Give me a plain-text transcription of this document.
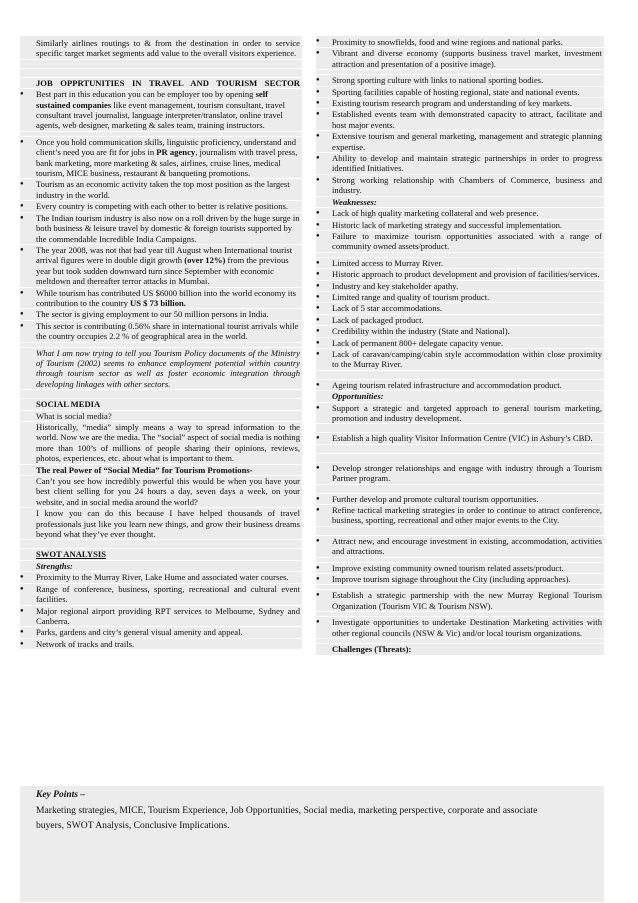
Similarly airlines routings to & from the destination in order to service specific target market segments add value to the overall visitors experience.
JOB OPPRTUNITIES IN TRAVEL AND TOURISM SECTOR
● Best part in this education you can be employer too by opening self sustained companies like event management, tourism consultant, travel consultant travel journalist, language interpreter/translator, online travel agents, web designer, marketing & sales team, training instructors.
● Once you hold communication skills, linguistic proficiency, understand and client’s need you are fit for jobs in PR agency, journalism with travel press, bank marketing, more marketing & sales, airlines, cruise lines, medical tourism, MICE business, restaurant & banqueting promotions.
● Tourism as an economic activity taken the top most position as the largest industry in the world.
● Every country is competing with each other to better is relative positions.
● The Indian tourism industry is also now on a roll driven by the huge surge in both business & leisure travel by domestic & foreign tourists supported by the commendable Incredible India Campaigns.
● The year 2008, was not that bad year till August when International tourist arrival figures were in double digit growth (over 12%) from the previous year but took sudden downward turn since September with economic meltdown and thereafter terror attacks in Mumbai.
● While tourism has contributed US $6000 billion into the world economy its contribution to the country US $ 73 billion.
● The sector is giving employment to our 50 million persons in India.
● This sector is contributing 0.56% share in international tourist arrivals while the country occupies 2.2 % of geographical area in the world.
What I am now trying to tell you Tourism Policy documents of the Ministry of Tourism (2002) seems to enhance employment potential within country through tourism sector as well as foster economic integration through developing linkages with other sectors.
SOCIAL MEDIA
What is social media?
Historically, “media” simply means a way to spread information to the world. Now we are the media. The “social” aspect of social media is nothing more than 100’s of millions of people sharing their opinions, reviews, photos, experiences, etc. about what is important to them.
The real Power of “Social Media” for Tourism Promotions-
Can’t you see how incredibly powerful this would be when you have your best client selling for you 24 hours a day, seven days a week, on your website, and in social media around the world?
I know you can do this because I have helped thousands of travel professionals just like you learn new things, and grow their business dreams beyond what they’ve ever thought.
SWOT ANALYSIS
Strengths:
● Proximity to the Murray River, Lake Hume and associated water courses.
● Range of conference, business, sporting, recreational and cultural event facilities.
● Major regional airport providing RPT services to Melbourne, Sydney and Canberra.
● Parks, gardens and city’s general visual amenity and appeal.
● Network of tracks and trails.
● Proximity to snowfields, food and wine regions and national parks.
● Vibrant and diverse economy (supports business travel market, investment attraction and presentation of a positive image).
● Strong sporting culture with links to national sporting bodies.
● Sporting facilities capable of hosting regional, state and national events.
● Existing tourism research program and understanding of key markets.
● Established events team with demonstrated capacity to attract, facilitate and host major events.
● Extensive tourism and general marketing, management and strategic planning expertise.
● Ability to develop and maintain strategic partnerships in order to progress identified Initiatives.
● Strong working relationship with Chambers of Commerce, business and industry.
Weaknesses:
● Lack of high quality marketing collateral and web presence.
● Historic lack of marketing strategy and successful implementation.
● Failure to maximize tourism opportunities associated with a range of community owned assets/product.
● Limited access to Murray River.
● Historic approach to product development and provision of facilities/services.
● Industry and key stakeholder apathy.
● Limited range and quality of tourism product.
● Lack of 5 star accommodations.
● Lack of packaged product.
● Credibility within the industry (State and National).
● Lack of permanent 800+ delegate capacity venue.
● Lack of caravan/camping/cabin style accommodation within close proximity to the Murray River.
● Ageing tourism related infrastructure and accommodation product.
Opportunities:
● Support a strategic and targeted approach to general tourism marketing, promotion and industry development.
● Establish a high quality Visitor Information Centre (VIC) in Asbury’s CBD.
● Develop stronger relationships and engage with industry through a Tourism Partner program.
● Further develop and promote cultural tourism opportunities.
● Refine tactical marketing strategies in order to continue to attract conference, business, sporting, recreational and other major events to the City.
● Attract new, and encourage investment in existing, accommodation, activities and attractions.
● Improve existing community owned tourism related assets/product.
● Improve tourism signage throughout the City (including approaches).
● Establish a strategic partnership with the new Murray Regional Tourism Organization (Tourism VIC & Tourism NSW).
● Investigate opportunities to undertake Destination Marketing activities with other regional councils (NSW & Vic) and/or local tourism organizations.
Challenges (Threats):
Key Points –
Marketing strategies, MICE, Tourism Experience, Job Opportunities, Social media, marketing perspective, corporate and associate buyers, SWOT Analysis, Conclusive Implications.
